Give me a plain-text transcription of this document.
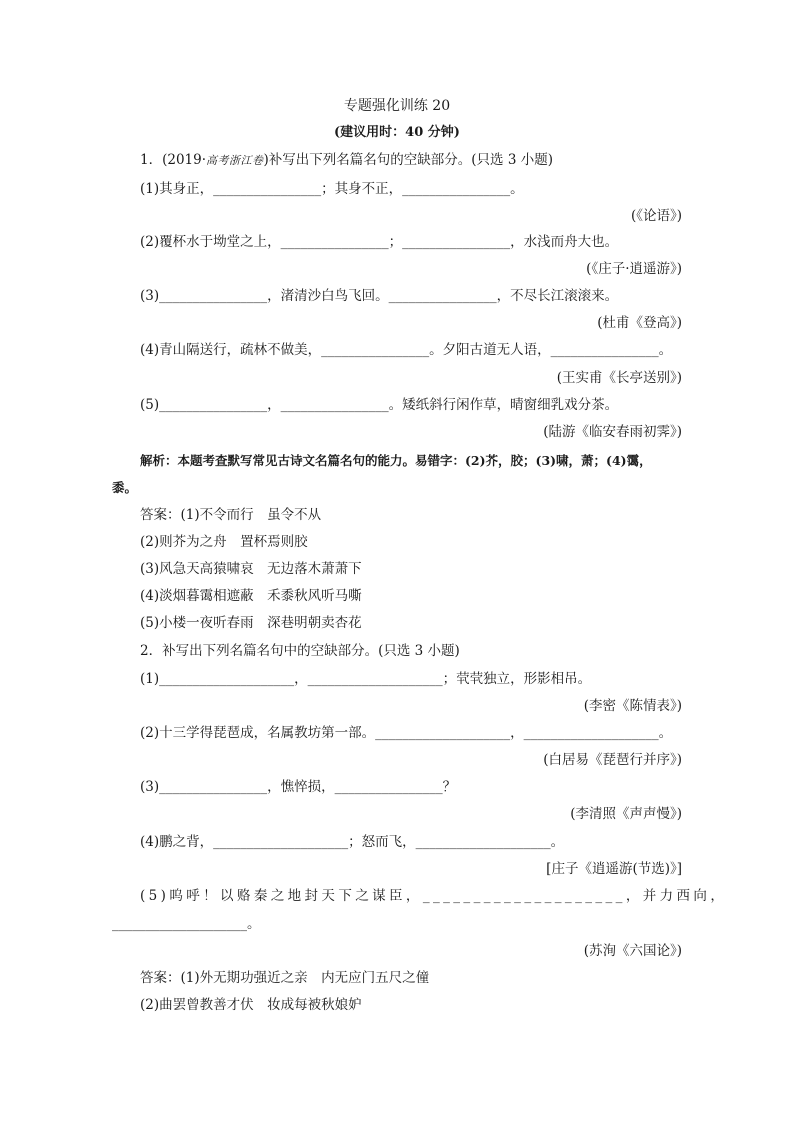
专题强化训练 20
(建议用时：40 分钟)
1．(2019·高考浙江卷)补写出下列名篇名句的空缺部分。(只选 3 小题)
(1)其身正，________________；其身不正，________________。
(《论语》)
(2)覆杯水于坳堂之上，________________；________________，水浅而舟大也。
(《庄子·逍遥游》)
(3)________________，渚清沙白鸟飞回。________________，不尽长江滚滚来。
(杜甫《登高》)
(4)青山隔送行，疏林不做美，________________。夕阳古道无人语，________________。
(王实甫《长亭送别》)
(5)________________，________________。矮纸斜行闲作草，晴窗细乳戏分茶。
(陆游《临安春雨初霁》)
解析：本题考查默写常见古诗文名篇名句的能力。易错字：(2)芥，胶；(3)啸，萧；(4)霭，
黍。
答案：(1)不令而行　虽令不从
(2)则芥为之舟　置杯焉则胶
(3)风急天高猿啸哀　无边落木萧萧下
(4)淡烟暮霭相遮蔽　禾黍秋风听马嘶
(5)小楼一夜听春雨　深巷明朝卖杏花
2．补写出下列名篇名句中的空缺部分。(只选 3 小题)
(1)____________________，____________________；茕茕独立，形影相吊。
(李密《陈情表》)
(2)十三学得琵琶成，名属教坊第一部。____________________，____________________。
(白居易《琵琶行并序》)
(3)________________，憔悴损，________________？
(李清照《声声慢》)
(4)鹏之背，____________________；怒而飞，____________________。
[庄子《逍遥游(节选)》]
(5)呜呼！以赂秦之地封天下之谋臣，____________________，并力西向，
____________________。
(苏洵《六国论》)
答案：(1)外无期功强近之亲　内无应门五尺之僮
(2)曲罢曾教善才伏　妆成每被秋娘妒
